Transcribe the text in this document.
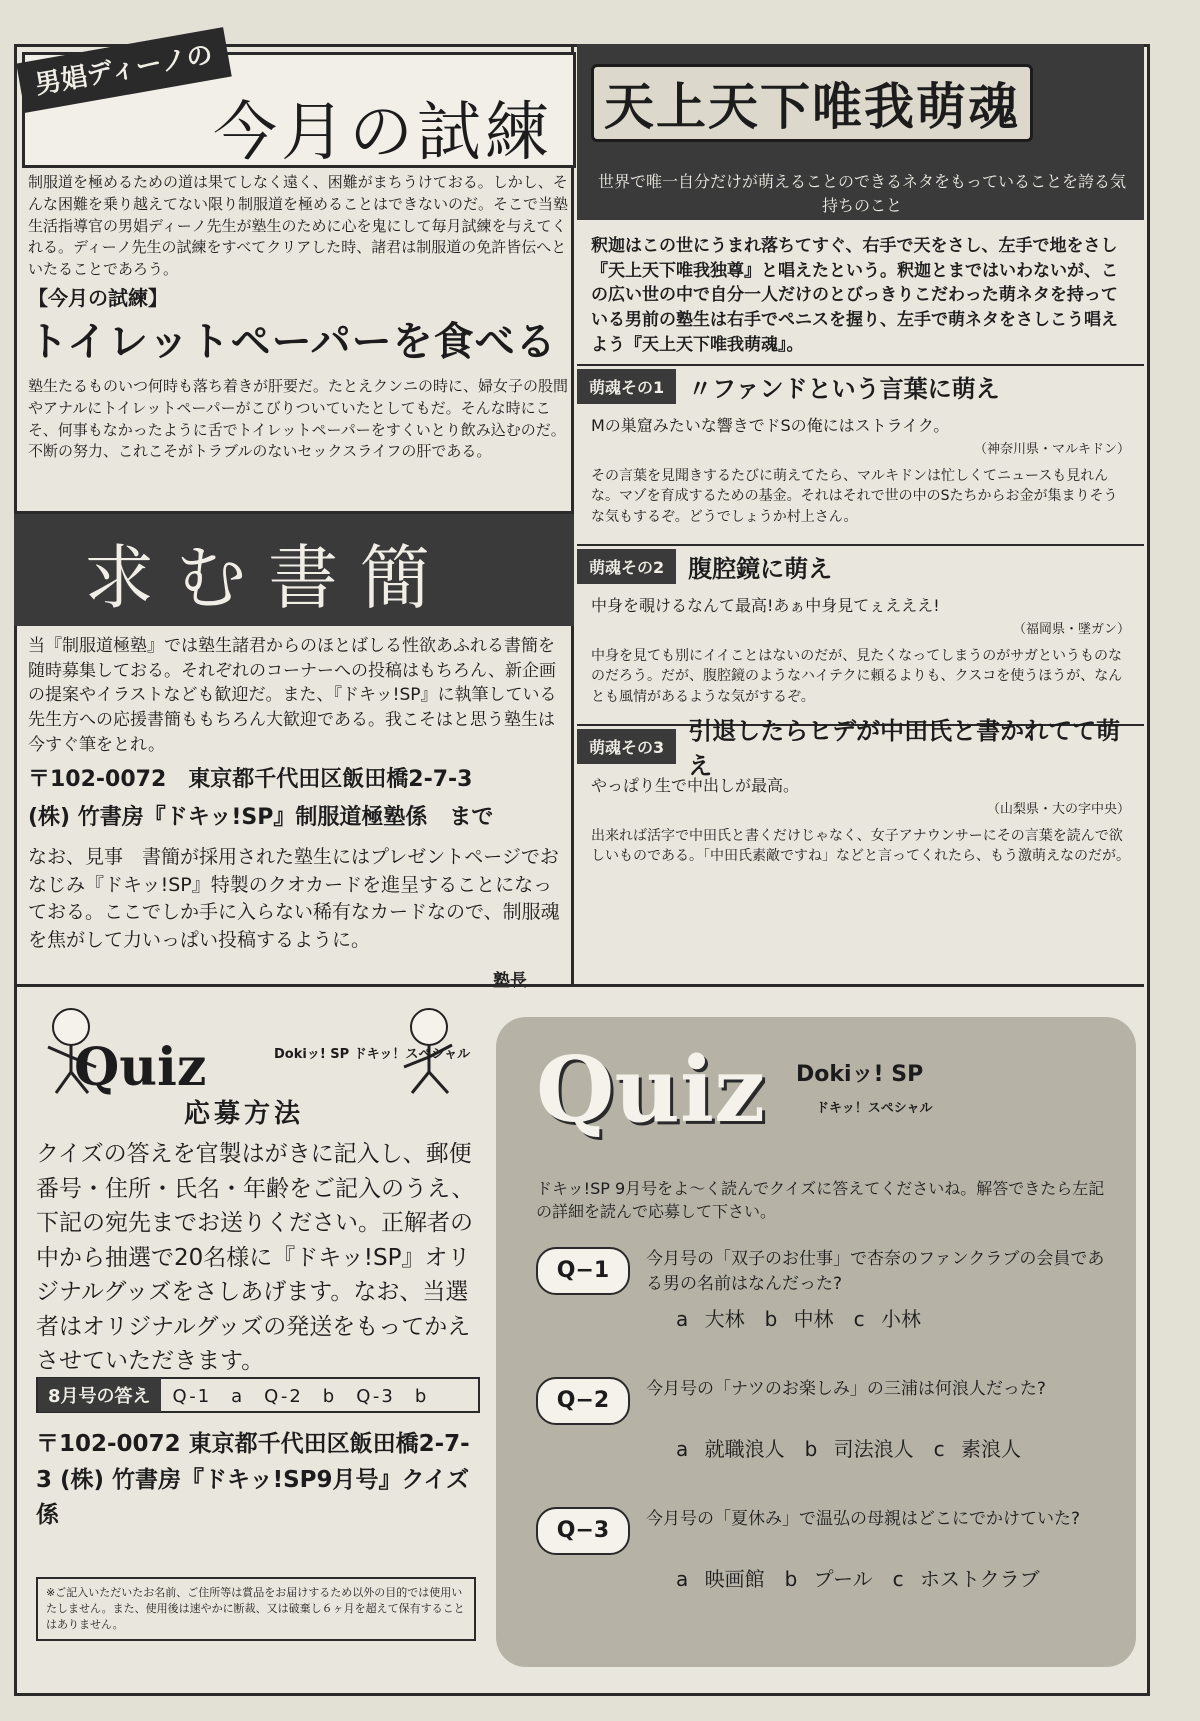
男娼ディーノの
今月の試練

制服道を極めるための道は果てしなく遠く、困難がまちうけておる。しかし、そんな困難を乗り越えてない限り制服道を極めることはできないのだ。そこで当塾生活指導官の男娼ディーノ先生が塾生のために心を鬼にして毎月試練を与えてくれる。ディーノ先生の試練をすべてクリアした時、諸君は制服道の免許皆伝へといたることであろう。

【今月の試練】
トイレットペーパーを食べる

塾生たるものいつ何時も落ち着きが肝要だ。たとえクンニの時に、婦女子の股間やアナルにトイレットペーパーがこびりついていたとしてもだ。そんな時にこそ、何事もなかったように舌でトイレットペーパーをすくいとり飲み込むのだ。不断の努力、これこそがトラブルのないセックスライフの肝である。

求む書簡

当『制服道極塾』では塾生諸君からのほとばしる性欲あふれる書簡を随時募集しておる。それぞれのコーナーへの投稿はもちろん、新企画の提案やイラストなども歓迎だ。また、『ドキッ!SP』に執筆している先生方への応援書簡ももちろん大歓迎である。我こそはと思う塾生は今すぐ筆をとれ。

〒102-0072　東京都千代田区飯田橋2-7-3
(株) 竹書房『ドキッ!SP』制服道極塾係　まで

なお、見事　書簡が採用された塾生にはプレゼントページでおなじみ『ドキッ!SP』特製のクオカードを進呈することになっておる。ここでしか手に入らない稀有なカードなので、制服魂を焦がして力いっぱい投稿するように。

塾長
天上天下唯我萌魂
世界で唯一自分だけが萌えることのできるネタをもっていることを誇る気持ちのこと

釈迦はこの世にうまれ落ちてすぐ、右手で天をさし、左手で地をさし『天上天下唯我独尊』と唱えたという。釈迦とまではいわないが、この広い世の中で自分一人だけのとびっきりこだわった萌ネタを持っている男前の塾生は右手でペニスを握り、左手で萌ネタをさしこう唱えよう『天上天下唯我萌魂』。

萌魂その1	〃ファンドという言葉に萌え

Mの巣窟みたいな響きでドSの俺にはストライク。

（神奈川県・マルキドン）

その言葉を見聞きするたびに萌えてたら、マルキドンは忙しくてニュースも見れんな。マゾを育成するための基金。それはそれで世の中のSたちからお金が集まりそうな気もするぞ。どうでしょうか村上さん。

萌魂その2	腹腔鏡に萌え

中身を覗けるなんて最高!あぁ中身見てぇえええ!

（福岡県・墜ガン）

中身を見ても別にイイことはないのだが、見たくなってしまうのがサガというものなのだろう。だが、腹腔鏡のようなハイテクに頼るよりも、クスコを使うほうが、なんとも風情があるような気がするぞ。

萌魂その3
引退したらヒデが中田氏と書かれてて萌え

やっぱり生で中出しが最高。

（山梨県・大の字中央）

出来れば活字で中田氏と書くだけじゃなく、女子アナウンサーにその言葉を読んで欲しいものである。「中田氏素敵ですね」などと言ってくれたら、もう激萌えなのだが。

Quiz	Dokiッ! SP ドキッ！スペシャル
応募方法

クイズの答えを官製はがきに記入し、郵便番号・住所・氏名・年齢をご記入のうえ、下記の宛先までお送りください。正解者の中から抽選で20名様に『ドキッ!SP』オリジナルグッズをさしあげます。なお、当選者はオリジナルグッズの発送をもってかえさせていただきます。

8月号の答え	Q-1　a　Q-2　b　Q-3　b

〒102-0072 東京都千代田区飯田橋2-7-3 (株) 竹書房『ドキッ!SP9月号』クイズ係

※ご記入いただいたお名前、ご住所等は賞品をお届けするため以外の目的では使用いたしません。また、使用後は速やかに断裁、又は破棄し６ヶ月を超えて保有することはありません。

Quiz Dokiッ! SP
ドキッ！スペシャル

ドキッ!SP 9月号をよ〜く読んでクイズに答えてくださいね。解答できたら左記の詳細を読んで応募して下さい。

Q−1	今月号の「双子のお仕事」で杏奈のファンクラブの会員である男の名前はなんだった?
a 大林　b 中林　c 小林
Q−2	今月号の「ナツのお楽しみ」の三浦は何浪人だった?
a 就職浪人　b 司法浪人　c 素浪人
Q−3	今月号の「夏休み」で温弘の母親はどこにでかけていた?
a 映画館　b プール　c ホストクラブ
